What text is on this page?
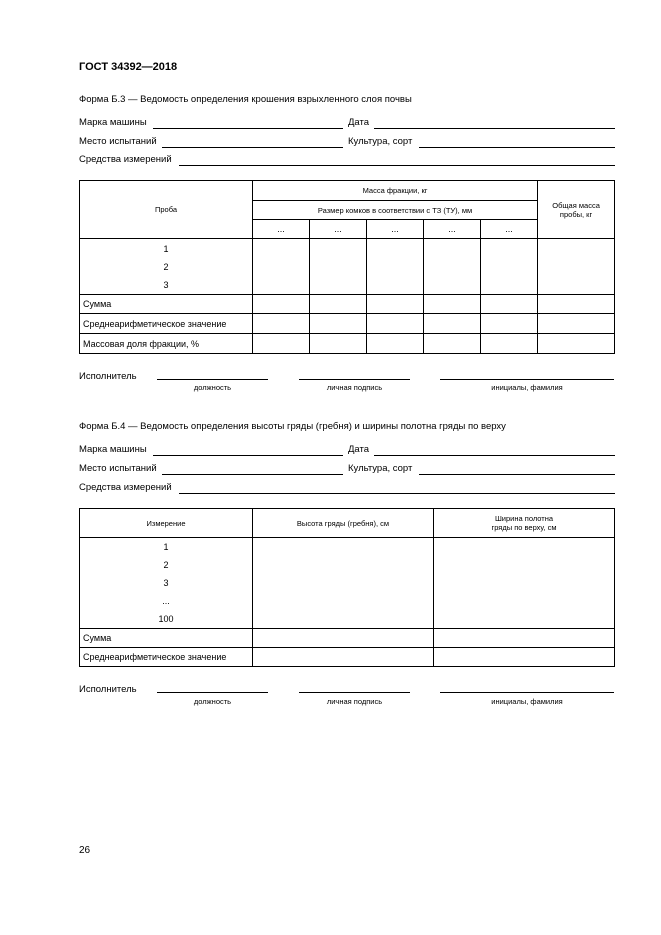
ГОСТ 34392—2018
Форма Б.3 — Ведомость определения крошения взрыхленного слоя почвы
Марка машины	Дата
Место испытаний	Культура, сорт
Средства измерений
Проба	Масса фракции, кг					Общая масса пробы, кг
	Размер комков в соответствии с ТЗ (ТУ), мм					
	...	...	...	...	...	

1
2
3						

Сумма						
Среднеарифметическое значение						
Массовая доля фракции, %						
Исполнитель
должность	личная подпись	инициалы, фамилия
Форма Б.4 — Ведомость определения высоты гряды (гребня) и ширины полотна гряды по верху
Марка машины	Дата
Место испытаний	Культура, сорт
Средства измерений
Измерение	Высота гряды (гребня), см	Ширина полотна
гряды по верху, см

1
2
3
...
100		

Сумма		
Среднеарифметическое значение		
Исполнитель
должность	личная подпись	инициалы, фамилия
26
